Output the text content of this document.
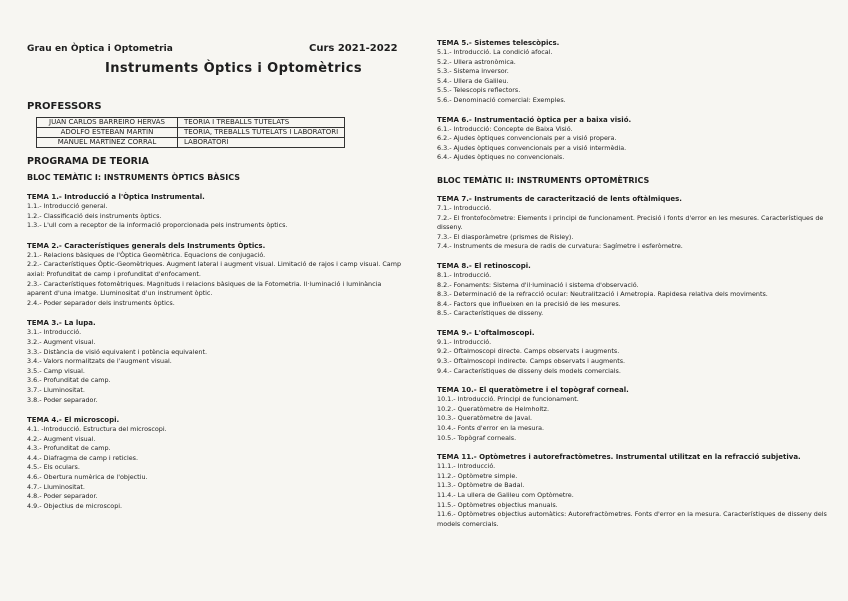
Grau en Òptica i Optometria	Curs 2021-2022
Instruments Òptics i Optomètrics
PROFESSORS
JUAN CARLOS BARREIRO HERVÁS	TEORIA I TREBALLS TUTELATS
ADOLFO ESTEBAN MARTIN	TEORIA, TREBALLS TUTELATS I LABORATORI
MANUEL MARTÍNEZ CORRAL	LABORATORI
PROGRAMA DE TEORIA
BLOC TEMÀTIC I: INSTRUMENTS ÒPTICS BÀSICS
TEMA 1.- Introducció a l'Òptica Instrumental.
1.1.- Introducció general.
1.2.- Classificació dels instruments òptics.
1.3.- L'ull com a receptor de la informació proporcionada pels instruments òptics.
TEMA 2.- Característiques generals dels Instruments Òptics.
2.1.- Relacions bàsiques de l'Òptica Geomètrica. Equacions de conjugació.
2.2.- Característiques Òptic-Geomètriques. Augment lateral i augment visual. Limitació de rajos i camp visual. Camp axial: Profunditat de camp i profunditat d'enfocament.
2.3.- Característiques fotomètriques. Magnituds i relacions bàsiques de la Fotometria. Il·luminació i luminància aparent d'una imatge. Lluminositat d'un instrument òptic.
2.4.- Poder separador dels instruments òptics.
TEMA 3.- La lupa.
3.1.- Introducció.
3.2.- Augment visual.
3.3.- Distància de visió equivalent i potència equivalent.
3.4.- Valors normalitzats de l'augment visual.
3.5.- Camp visual.
3.6.- Profunditat de camp.
3.7.- Lluminositat.
3.8.- Poder separador.
TEMA 4.- El microscopi.
4.1. -Introducció. Estructura del microscopi.
4.2.- Augment visual.
4.3.- Profunditat de camp.
4.4.- Diafragma de camp i reticles.
4.5.- Els oculars.
4.6.- Obertura numèrica de l'objectiu.
4.7.- Lluminositat.
4.8.- Poder separador.
4.9.- Objectius de microscopi.
TEMA 5.- Sistemes telescòpics.
5.1.- Introducció. La condició afocal.
5.2.- Ullera astronòmica.
5.3.- Sistema inversor.
5.4.- Ullera de Galileu.
5.5.- Telescopis reflectors.
5.6.- Denominació comercial: Exemples.
TEMA 6.- Instrumentació òptica per a baixa visió.
6.1.- Introducció: Concepte de Baixa Visió.
6.2.- Ajudes òptiques convencionals per a visió propera.
6.3.- Ajudes òptiques convencionals per a visió intermèdia.
6.4.- Ajudes òptiques no convencionals.
BLOC TEMÀTIC II: INSTRUMENTS OPTOMÈTRICS
TEMA 7.- Instruments de caracterització de lents oftàlmiques.
7.1.- Introducció.
7.2.- El frontofocòmetre: Elements i principi de funcionament. Precisió i fonts d'error en les mesures. Característiques de disseny.
7.3.- El diasporàmetre (prismes de Risley).
7.4.- Instruments de mesura de radis de curvatura: Sagímetre i esferòmetre.
TEMA 8.- El retinoscopi.
8.1.- Introducció.
8.2.- Fonaments: Sistema d'il·luminació i sistema d'observació.
8.3.- Determinació de la refracció ocular: Neutralització i Ametropia. Rapidesa relativa dels moviments.
8.4.- Factors que influeixen en la precisió de les mesures.
8.5.- Característiques de disseny.
TEMA 9.- L'oftalmoscopi.
9.1.- Introducció.
9.2.- Oftalmoscopi directe. Camps observats i augments.
9.3.- Oftalmoscopi indirecte. Camps observats i augments.
9.4.- Característiques de disseny dels models comercials.
TEMA 10.- El queratòmetre i el topògraf corneal.
10.1.- Introducció. Principi de funcionament.
10.2.- Queratòmetre de Helmholtz.
10.3.- Queratòmetre de Javal.
10.4.- Fonts d'error en la mesura.
10.5.- Topògraf corneals.
TEMA 11.- Optòmetres i autorefractòmetres. Instrumental utilitzat en la refracció subjetiva.
11.1.- Introducció.
11.2.- Optòmetre simple.
11.3.- Optòmetre de Badal.
11.4.- La ullera de Galileu com Optòmetre.
11.5.- Optòmetres objectius manuals.
11.6.- Optòmetres objectius automàtics: Autorefractòmetres. Fonts d'error en la mesura. Característiques de disseny dels models comercials.
